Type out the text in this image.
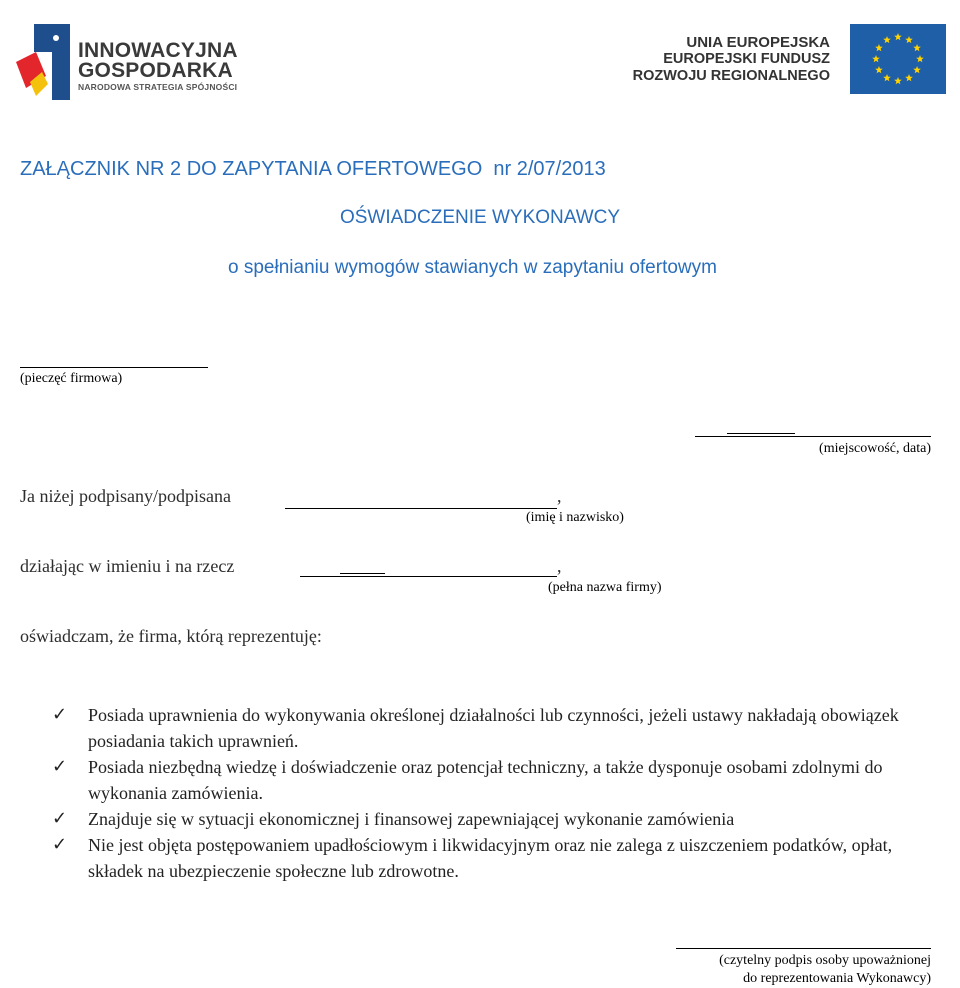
INNOWACYJNA
GOSPODARKA
NARODOWA STRATEGIA SPÓJNOŚCI
UNIA EUROPEJSKA
EUROPEJSKI FUNDUSZ
ROZWOJU REGIONALNEGO
ZAŁĄCZNIK NR 2 DO ZAPYTANIA OFERTOWEGO  nr 2/07/2013
OŚWIADCZENIE WYKONAWCY
o spełnianiu wymogów stawianych w zapytaniu ofertowym
(pieczęć firmowa)
(miejscowość, data)
Ja niżej podpisany/podpisana	,
(imię i nazwisko)
działając w imieniu i na rzecz	,
(pełna nazwa firmy)
oświadczam, że firma, którą reprezentuję:
✓ Posiada uprawnienia do wykonywania określonej działalności lub czynności, jeżeli ustawy nakładają obowiązek posiadania takich uprawnień.
✓ Posiada niezbędną wiedzę i doświadczenie oraz potencjał techniczny, a także dysponuje osobami zdolnymi do wykonania zamówienia.
✓ Znajduje się w sytuacji ekonomicznej i finansowej zapewniającej wykonanie zamówienia
✓ Nie jest objęta postępowaniem upadłościowym i likwidacyjnym oraz nie zalega z uiszczeniem podatków, opłat, składek na ubezpieczenie społeczne lub zdrowotne.
(czytelny podpis osoby upoważnionej
do reprezentowania Wykonawcy)
